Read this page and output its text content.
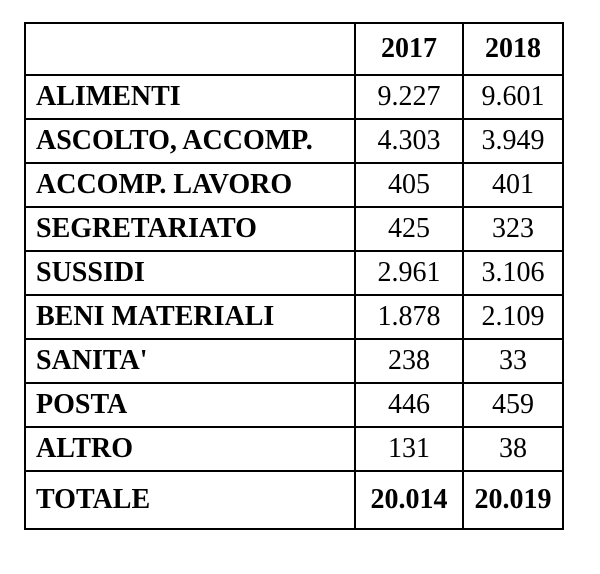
	2017	2018
ALIMENTI	9.227	9.601
ASCOLTO, ACCOMP.	4.303	3.949
ACCOMP. LAVORO	405	401
SEGRETARIATO	425	323
SUSSIDI	2.961	3.106
BENI MATERIALI	1.878	2.109
SANITA'	238	33
POSTA	446	459
ALTRO	131	38
TOTALE	20.014	20.019
